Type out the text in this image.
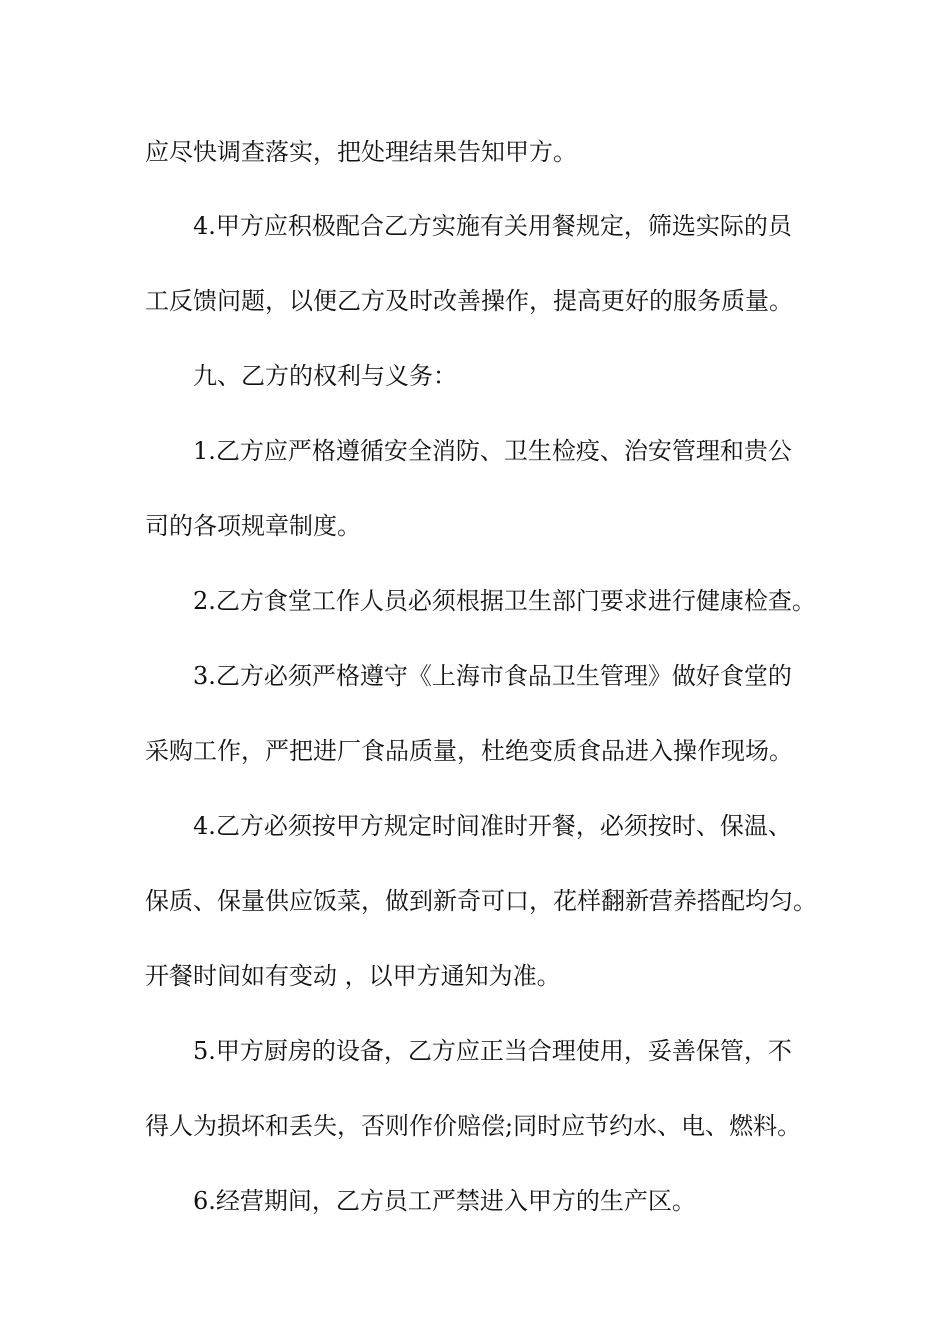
应尽快调查落实，把处理结果告知甲方。
4.甲方应积极配合乙方实施有关用餐规定，筛选实际的员
工反馈问题，以便乙方及时改善操作，提高更好的服务质量。
九、乙方的权利与义务：
1.乙方应严格遵循安全消防、卫生检疫、治安管理和贵公
司的各项规章制度。
2.乙方食堂工作人员必须根据卫生部门要求进行健康检查。
3.乙方必须严格遵守《上海市食品卫生管理》做好食堂的
采购工作，严把进厂食品质量，杜绝变质食品进入操作现场。
4.乙方必须按甲方规定时间准时开餐，必须按时、保温、
保质、保量供应饭菜，做到新奇可口，花样翻新营养搭配均匀。
开餐时间如有变动 ，以甲方通知为准。
5.甲方厨房的设备，乙方应正当合理使用，妥善保管，不
得人为损坏和丢失，否则作价赔偿;同时应节约水、电、燃料。
6.经营期间，乙方员工严禁进入甲方的生产区。
